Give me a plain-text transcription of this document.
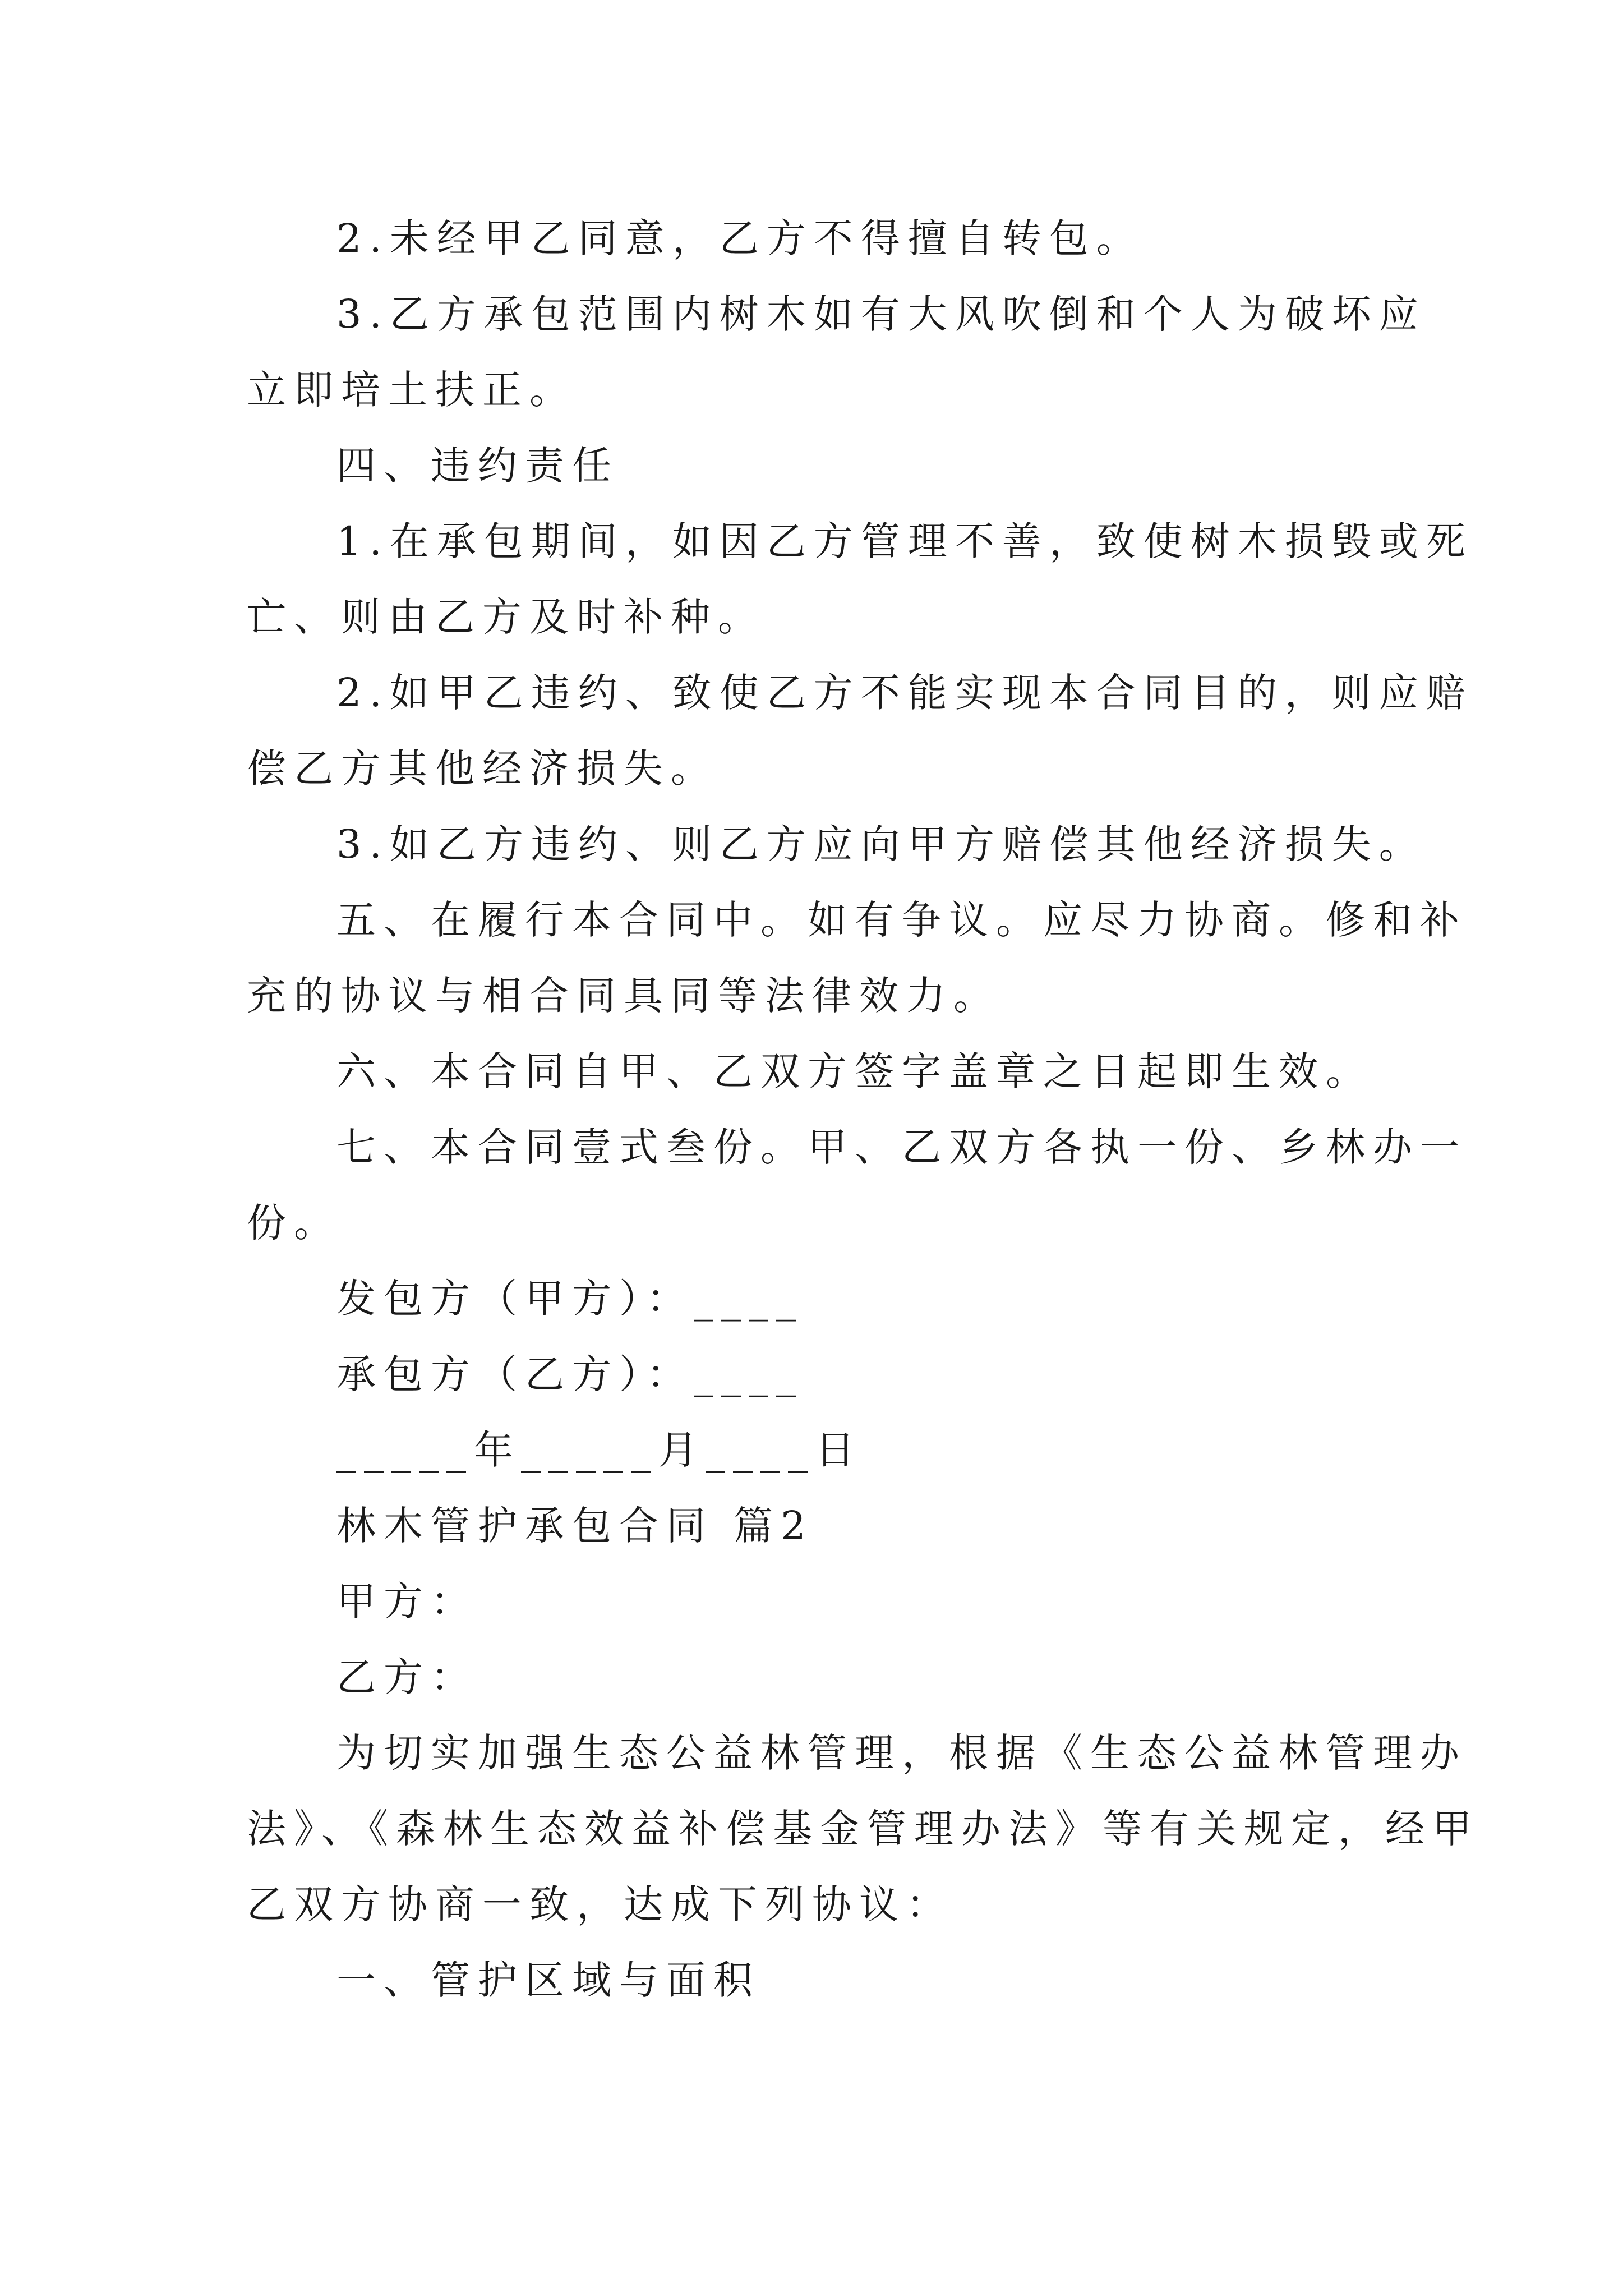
2.未经甲乙同意，乙方不得擅自转包。
3.乙方承包范围内树木如有大风吹倒和个人为破坏应
立即培土扶正。
四、违约责任
1.在承包期间，如因乙方管理不善，致使树木损毁或死
亡、则由乙方及时补种。
2.如甲乙违约、致使乙方不能实现本合同目的，则应赔
偿乙方其他经济损失。
3.如乙方违约、则乙方应向甲方赔偿其他经济损失。
五、在履行本合同中。如有争议。应尽力协商。修和补
充的协议与相合同具同等法律效力。
六、本合同自甲、乙双方签字盖章之日起即生效。
七、本合同壹式叁份。甲、乙双方各执一份、乡林办一
份。
发包方（甲方）：____
承包方（乙方）：____
_____年_____月____日
林木管护承包合同 篇2
甲方：
乙方：
为切实加强生态公益林管理，根据《生态公益林管理办
法》、《森林生态效益补偿基金管理办法》等有关规定，经甲
乙双方协商一致，达成下列协议：
一、管护区域与面积
